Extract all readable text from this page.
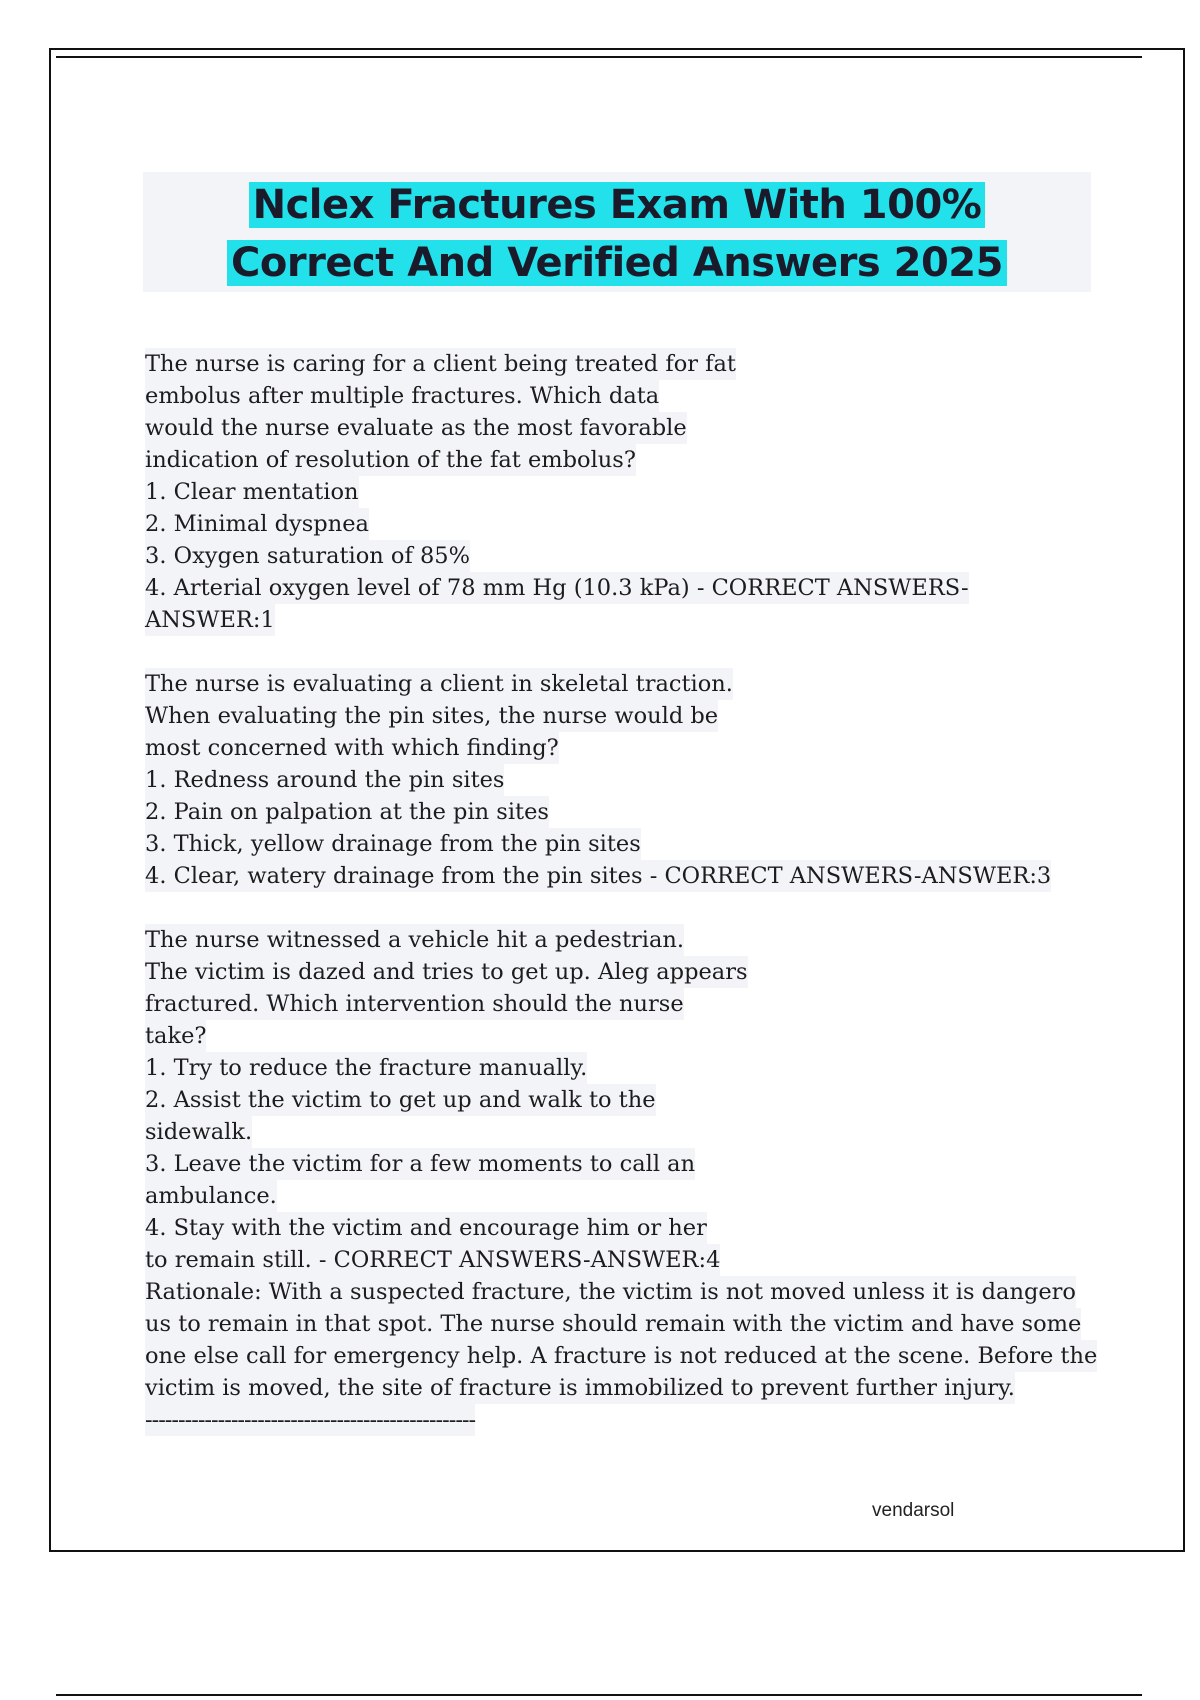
Nclex Fractures Exam With 100%
Correct And Verified Answers 2025
The nurse is caring for a client being treated for fat
embolus after multiple fractures. Which data
would the nurse evaluate as the most favorable
indication of resolution of the fat embolus?
1. Clear mentation
2. Minimal dyspnea
3. Oxygen saturation of 85%
4. Arterial oxygen level of 78 mm Hg (10.3 kPa) - CORRECT ANSWERS-
ANSWER:1
The nurse is evaluating a client in skeletal traction.
When evaluating the pin sites, the nurse would be
most concerned with which finding?
1. Redness around the pin sites
2. Pain on palpation at the pin sites
3. Thick, yellow drainage from the pin sites
4. Clear, watery drainage from the pin sites - CORRECT ANSWERS-ANSWER:3
The nurse witnessed a vehicle hit a pedestrian.
The victim is dazed and tries to get up. Aleg appears
fractured. Which intervention should the nurse
take?
1. Try to reduce the fracture manually.
2. Assist the victim to get up and walk to the
sidewalk.
3. Leave the victim for a few moments to call an
ambulance.
4. Stay with the victim and encourage him or her
to remain still. - CORRECT ANSWERS-ANSWER:4
Rationale: With a suspected fracture, the victim is not moved unless it is dangero
us to remain in that spot. The nurse should remain with the victim and have some
one else call for emergency help. A fracture is not reduced at the scene. Before the
victim is moved, the site of fracture is immobilized to prevent further injury.
--------------------------------------------------
vendarsol
